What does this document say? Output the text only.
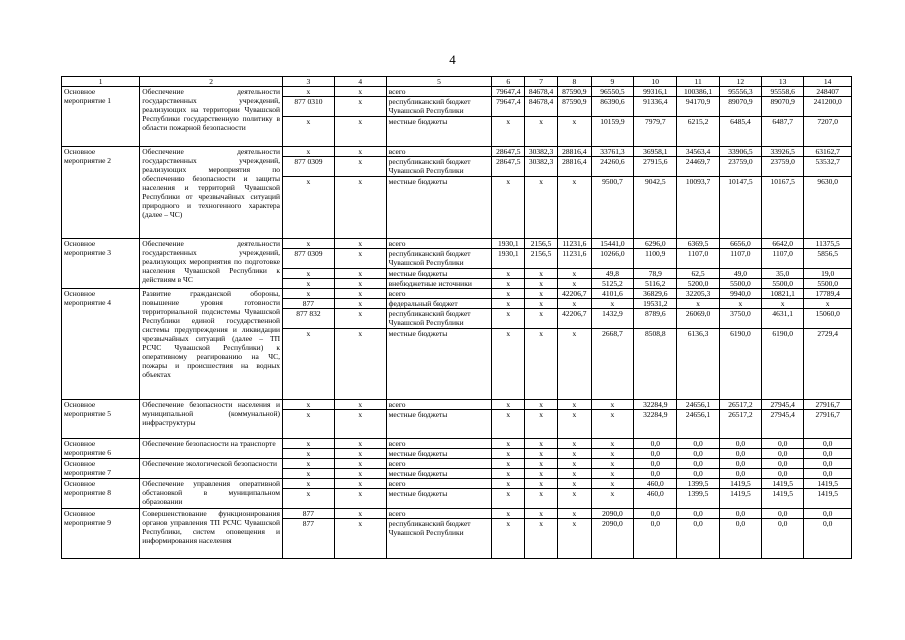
4
1	2	3	4	5	6	7	8	9	10	11	12	13	14
Основное мероприятие 1	Обеспечение деятельности государственных учреждений, реализующих на территории Чувашской Республики государственную политику в области пожарной безопасности	x	x	всего	79647,4	84678,4	87590,9	96550,5	99316,1	100386,1	95556,3	95558,6	248407
		877 0310	x	республиканский бюджет Чувашской Республики	79647,4	84678,4	87590,9	86390,6	91336,4	94170,9	89070,9	89070,9	241200,0
		x	x	местные бюджеты	x	x	x	10159,9	7979,7	6215,2	6485,4	6487,7	7207,0
Основное мероприятие 2	Обеспечение деятельности государственных учреждений, реализующих мероприятия по обеспечению безопасности и защиты населения и территорий Чувашской Республики от чрезвычайных ситуаций природного и техногенного характера (далее – ЧС)	x	x	всего	28647,5	30382,3	28816,4	33761,3	36958,1	34563,4	33906,5	33926,5	63162,7
		877 0309	x	республиканский бюджет Чувашской Республики	28647,5	30382,3	28816,4	24260,6	27915,6	24469,7	23759,0	23759,0	53532,7
		x	x	местные бюджеты	x	x	x	9500,7	9042,5	10093,7	10147,5	10167,5	9630,0
Основное мероприятие 3	Обеспечение деятельности государственных учреждений, реализующих мероприятия по подготовке населения Чувашской Республики к действиям в ЧС	x	x	всего	1930,1	2156,5	11231,6	15441,0	6296,0	6369,5	6656,0	6642,0	11375,5
		877 0309	x	республиканский бюджет Чувашской Республики	1930,1	2156,5	11231,6	10266,0	1100,9	1107,0	1107,0	1107,0	5856,5
		x	x	местные бюджеты	x	x	x	49,8	78,9	62,5	49,0	35,0	19,0
		x	x	внебюджетные источники	x	x	x	5125,2	5116,2	5200,0	5500,0	5500,0	5500,0
Основное мероприятие 4	Развитие гражданской обороны, повышение уровня готовности территориальной подсистемы Чувашской Республики единой государственной системы предупреждения и ликвидации чрезвычайных ситуаций (далее – ТП РСЧС Чувашской Республики) к оперативному реагированию на ЧС, пожары и происшествия на водных объектах	x	x	всего	x	x	42206,7	4101,6	36829,6	32205,3	9940,0	10821,1	17789,4
		877	x	федеральный бюджет	x	x	x	x	19531,2	x	x	x	x
		877 832	x	республиканский бюджет Чувашской Республики	x	x	42206,7	1432,9	8789,6	26069,0	3750,0	4631,1	15060,0
		x	x	местные бюджеты	x	x	x	2668,7	8508,8	6136,3	6190,0	6190,0	2729,4
Основное мероприятие 5	Обеспечение безопасности населения и муниципальной (коммунальной) инфраструктуры	x	x	всего	x	x	x	x	32284,9	24656,1	26517,2	27945,4	27916,7
		x	x	местные бюджеты	x	x	x	x	32284,9	24656,1	26517,2	27945,4	27916,7
Основное мероприятие 6	Обеспечение безопасности на транспорте	x	x	всего	x	x	x	x	0,0	0,0	0,0	0,0	0,0
		x	x	местные бюджеты	x	x	x	x	0,0	0,0	0,0	0,0	0,0
Основное мероприятие 7	Обеспечение экологической безопасности	x	x	всего	x	x	x	x	0,0	0,0	0,0	0,0	0,0
		x	x	местные бюджеты	x	x	x	x	0,0	0,0	0,0	0,0	0,0
Основное мероприятие 8	Обеспечение управления оперативной обстановкой в муниципальном образовании	x	x	всего	x	x	x	x	460,0	1399,5	1419,5	1419,5	1419,5
		x	x	местные бюджеты	x	x	x	x	460,0	1399,5	1419,5	1419,5	1419,5
Основное мероприятие 9	Совершенствование функционирования органов управления ТП РСЧС Чувашской Республики, систем оповещения и информирования населения	877	x	всего	x	x	x	2090,0	0,0	0,0	0,0	0,0	0,0
		877	x	республиканский бюджет Чувашской Республики	x	x	x	2090,0	0,0	0,0	0,0	0,0	0,0
